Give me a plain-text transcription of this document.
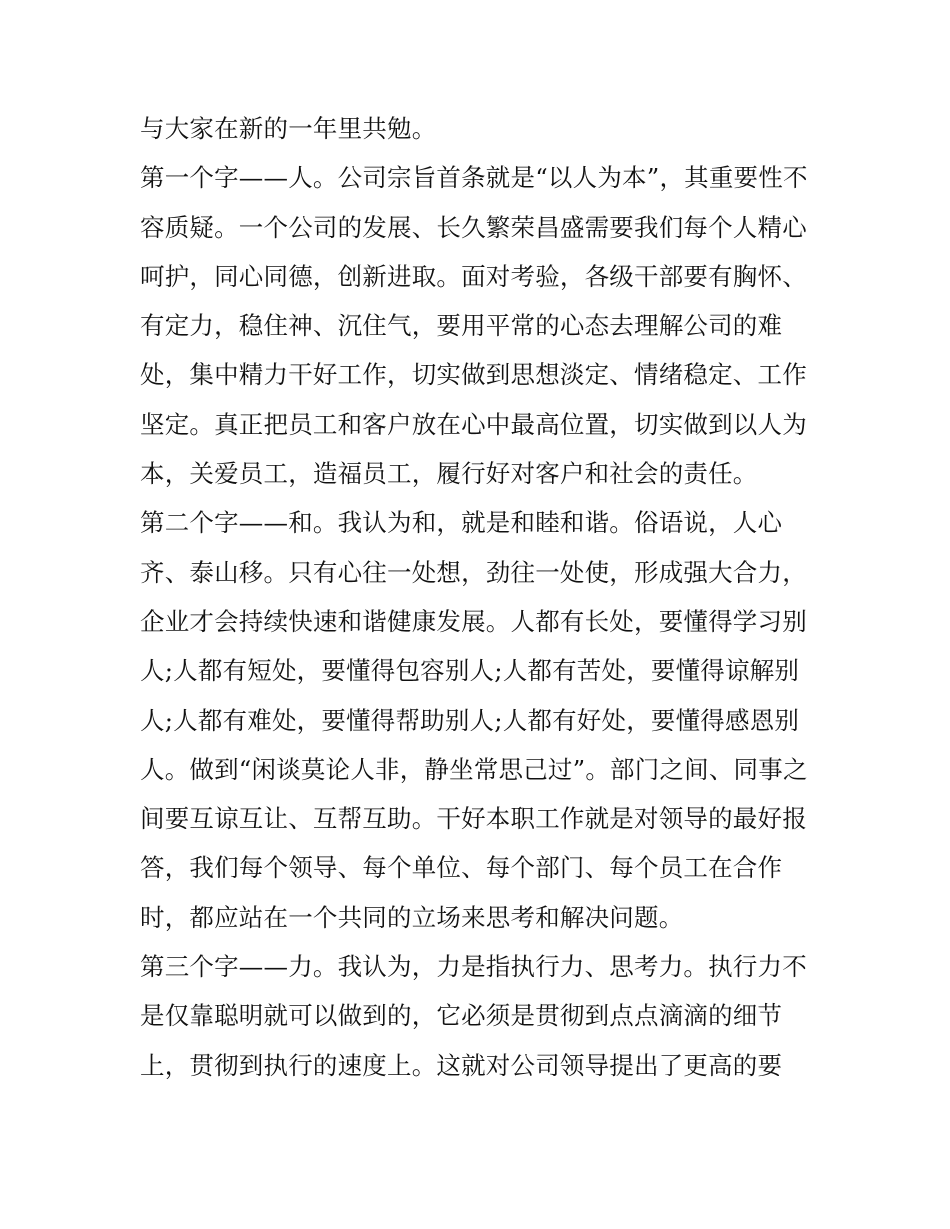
与大家在新的一年里共勉。
第一个字——人。公司宗旨首条就是“以人为本”，其重要性不
容质疑。一个公司的发展、长久繁荣昌盛需要我们每个人精心
呵护，同心同德，创新进取。面对考验，各级干部要有胸怀、
有定力，稳住神、沉住气，要用平常的心态去理解公司的难
处，集中精力干好工作，切实做到思想淡定、情绪稳定、工作
坚定。真正把员工和客户放在心中最高位置，切实做到以人为
本，关爱员工，造福员工，履行好对客户和社会的责任。
第二个字——和。我认为和，就是和睦和谐。俗语说，人心
齐、泰山移。只有心往一处想，劲往一处使，形成强大合力，
企业才会持续快速和谐健康发展。人都有长处，要懂得学习别
人;人都有短处，要懂得包容别人;人都有苦处，要懂得谅解别
人;人都有难处，要懂得帮助别人;人都有好处，要懂得感恩别
人。做到“闲谈莫论人非，静坐常思己过”。部门之间、同事之
间要互谅互让、互帮互助。干好本职工作就是对领导的最好报
答，我们每个领导、每个单位、每个部门、每个员工在合作
时，都应站在一个共同的立场来思考和解决问题。
第三个字——力。我认为，力是指执行力、思考力。执行力不
是仅靠聪明就可以做到的，它必须是贯彻到点点滴滴的细节
上，贯彻到执行的速度上。这就对公司领导提出了更高的要
